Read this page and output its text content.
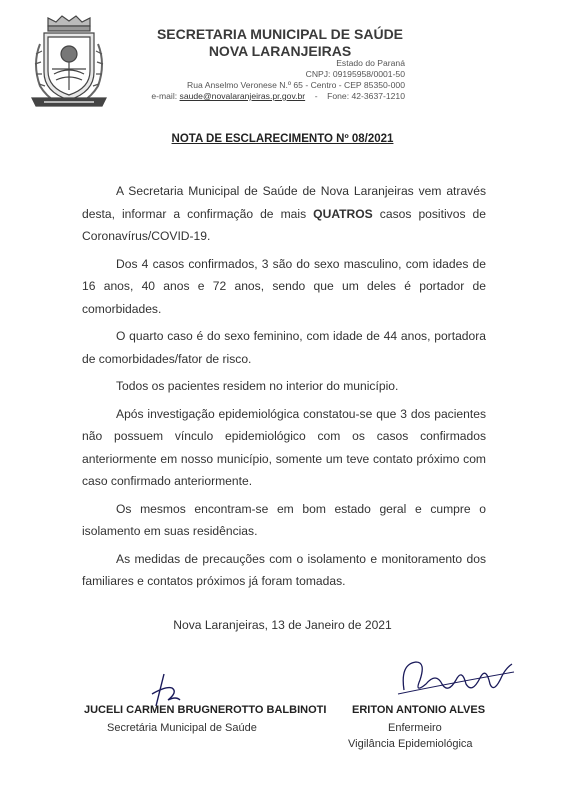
SECRETARIA MUNICIPAL DE SAÚDE
NOVA LARANJEIRAS
Estado do Paraná
CNPJ: 09195958/0001-50
Rua Anselmo Veronese N.º 65 - Centro - CEP 85350-000
e-mail: saude@novalaranjeiras.pr.gov.br    -    Fone: 42-3637-1210
NOTA DE ESCLARECIMENTO Nº 08/2021

A Secretaria Municipal de Saúde de Nova Laranjeiras vem através desta, informar a confirmação de mais QUATROS casos positivos de Coronavírus/COVID-19.

Dos 4 casos confirmados, 3 são do sexo masculino, com idades de 16 anos, 40 anos e 72 anos, sendo que um deles é portador de comorbidades.

O quarto caso é do sexo feminino, com idade de 44 anos, portadora de comorbidades/fator de risco.

Todos os pacientes residem no interior do município.

Após investigação epidemiológica constatou-se que 3 dos pacientes não possuem vínculo epidemiológico com os casos confirmados anteriormente em nosso município, somente um teve contato próximo com caso confirmado anteriormente.

Os mesmos encontram-se em bom estado geral e cumpre o isolamento em suas residências.

As medidas de precauções com o isolamento e monitoramento dos familiares e contatos próximos já foram tomadas.

Nova Laranjeiras, 13 de Janeiro de 2021
JUCELI CARMEN BRUGNEROTTO BALBINOTI
Secretária Municipal de Saúde
ERITON ANTONIO ALVES
Enfermeiro
Vigilância Epidemiológica
